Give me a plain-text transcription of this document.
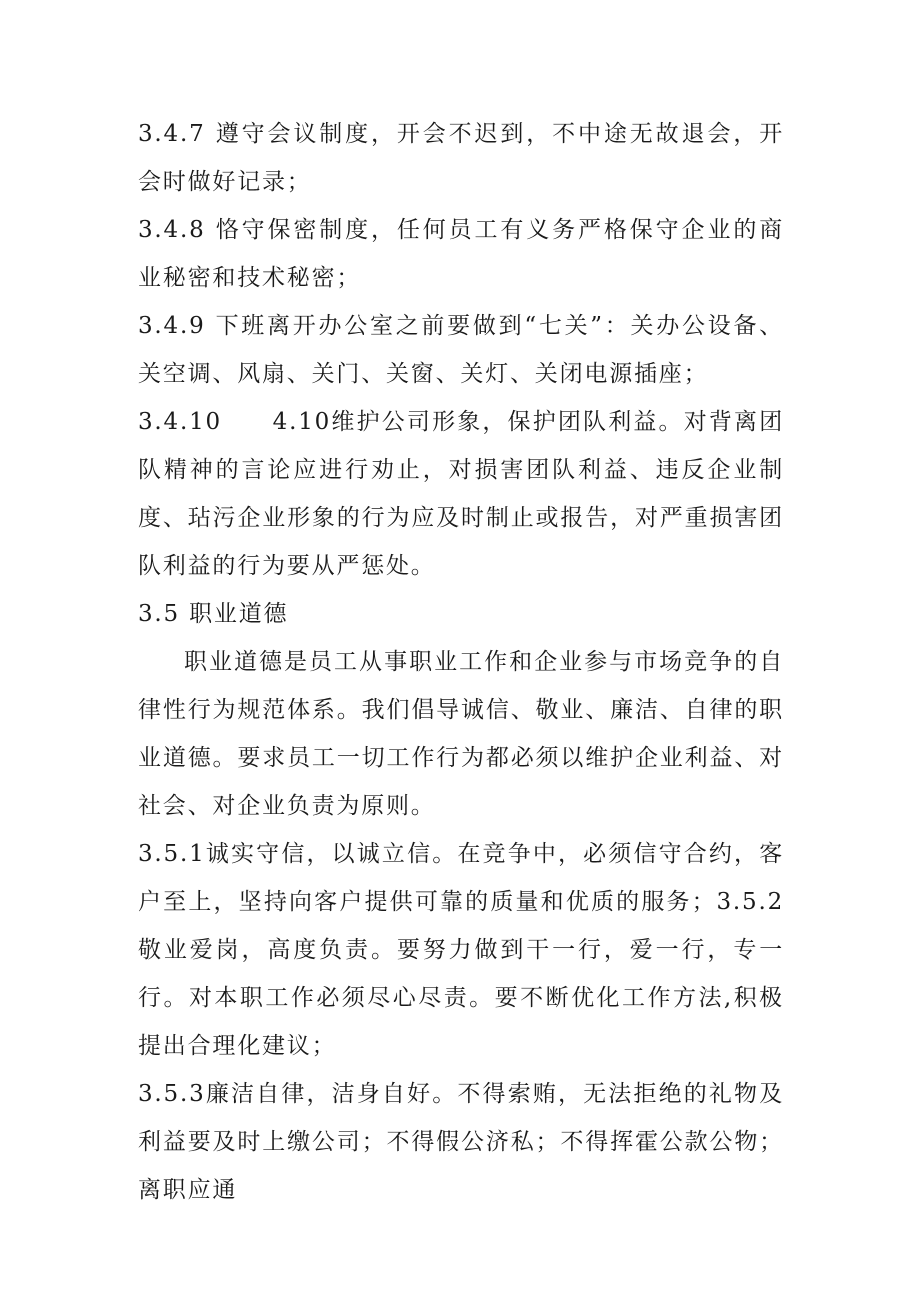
3.4.7 遵守会议制度，开会不迟到，不中途无故退会，开会时做好记录；

3.4.8 恪守保密制度，任何员工有义务严格保守企业的商业秘密和技术秘密；

3.4.9 下班离开办公室之前要做到“七关”：关办公设备、关空调、风扇、关门、关窗、关灯、关闭电源插座；

3.4.10　　4.10维护公司形象，保护团队利益。对背离团队精神的言论应进行劝止，对损害团队利益、违反企业制度、玷污企业形象的行为应及时制止或报告，对严重损害团队利益的行为要从严惩处。

3.5 职业道德

职业道德是员工从事职业工作和企业参与市场竞争的自律性行为规范体系。我们倡导诚信、敬业、廉洁、自律的职业道德。要求员工一切工作行为都必须以维护企业利益、对社会、对企业负责为原则。

3.5.1诚实守信，以诚立信。在竞争中，必须信守合约，客户至上，坚持向客户提供可靠的质量和优质的服务；3.5.2敬业爱岗，高度负责。要努力做到干一行，爱一行，专一行。对本职工作必须尽心尽责。要不断优化工作方法,积极提出合理化建议；

3.5.3廉洁自律，洁身自好。不得索贿，无法拒绝的礼物及利益要及时上缴公司；不得假公济私；不得挥霍公款公物；离职应通
